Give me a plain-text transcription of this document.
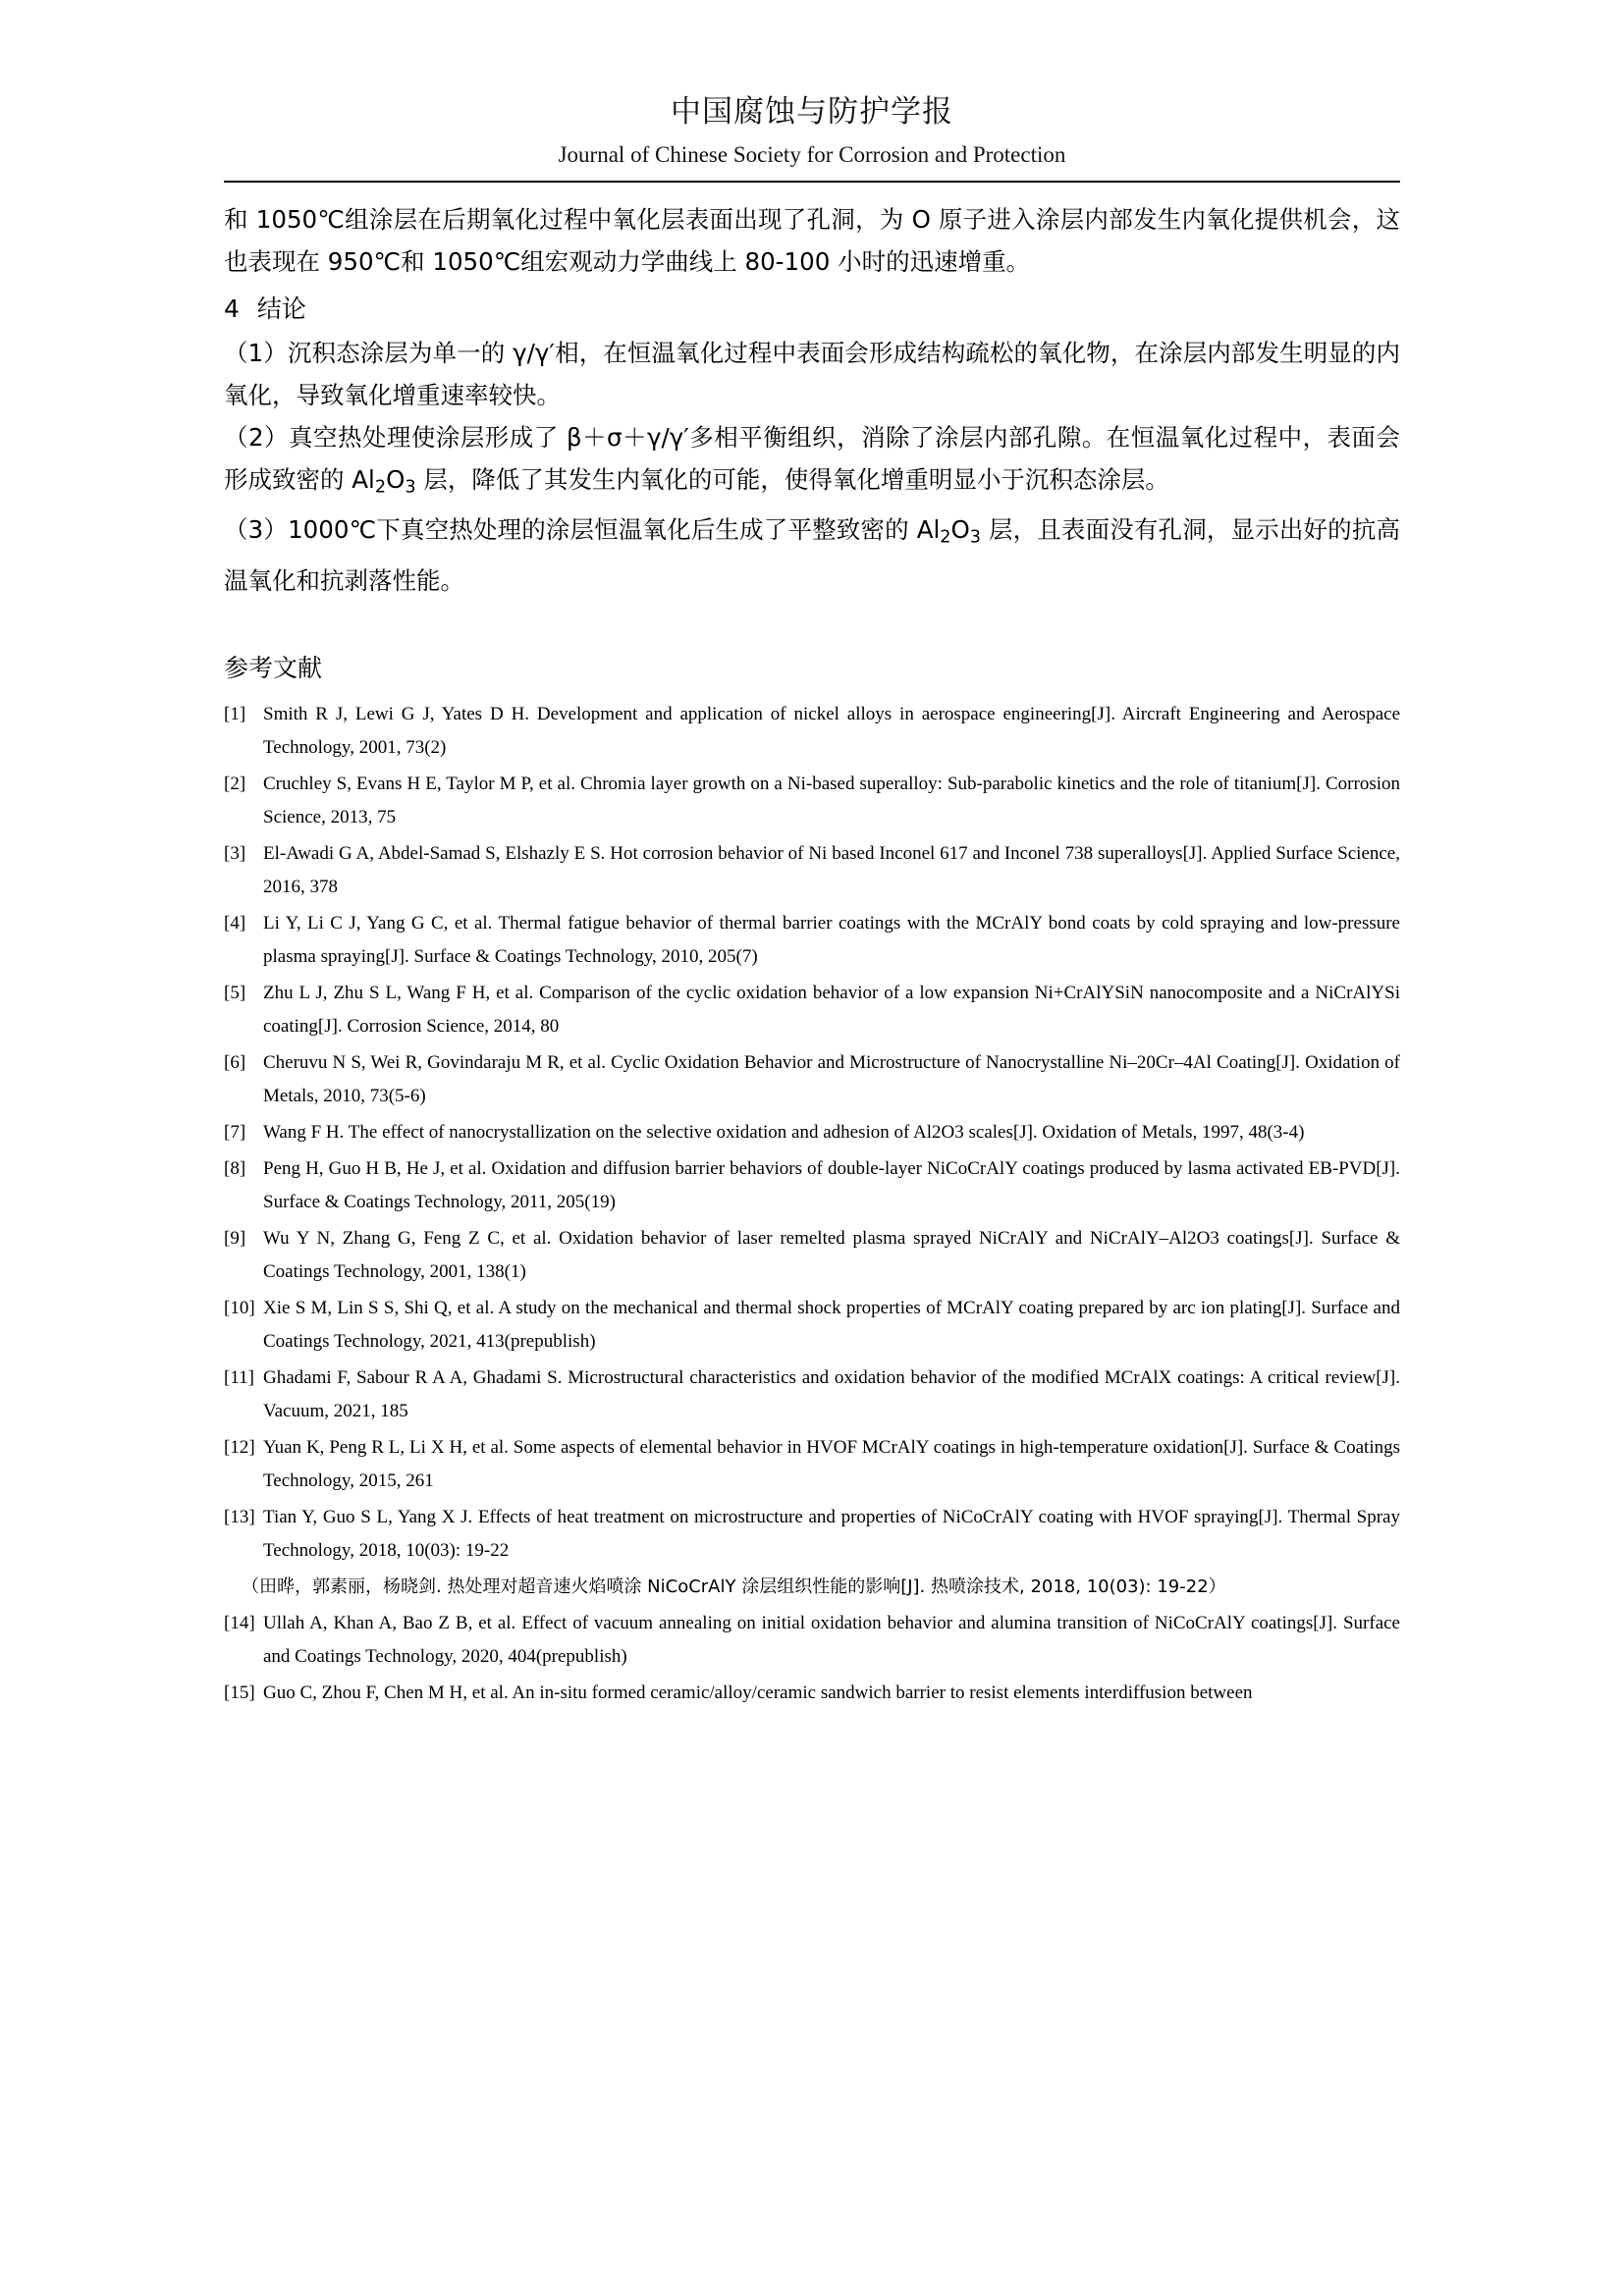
中国腐蚀与防护学报
Journal of Chinese Society for Corrosion and Protection
和 1050℃组涂层在后期氧化过程中氧化层表面出现了孔洞，为 O 原子进入涂层内部发生内氧化提供机会，这也表现在 950℃和 1050℃组宏观动力学曲线上 80-100 小时的迅速增重。
4 结论
（1）沉积态涂层为单一的 γ/γ′相，在恒温氧化过程中表面会形成结构疏松的氧化物，在涂层内部发生明显的内氧化，导致氧化增重速率较快。
（2）真空热处理使涂层形成了 β＋σ＋γ/γ′多相平衡组织，消除了涂层内部孔隙。在恒温氧化过程中，表面会形成致密的 $Al_2O_3$ 层，降低了其发生内氧化的可能，使得氧化增重明显小于沉积态涂层。
（3）1000℃下真空热处理的涂层恒温氧化后生成了平整致密的 $Al_2O_3$ 层，且表面没有孔洞，显示出好的抗高温氧化和抗剥落性能。
参考文献
[1] Smith R J, Lewi G J, Yates D H. Development and application of nickel alloys in aerospace engineering[J]. Aircraft Engineering and Aerospace Technology, 2001, 73(2)
[2] Cruchley S, Evans H E, Taylor M P, et al. Chromia layer growth on a Ni-based superalloy: Sub-parabolic kinetics and the role of titanium[J]. Corrosion Science, 2013, 75
[3] El-Awadi G A, Abdel-Samad S, Elshazly E S. Hot corrosion behavior of Ni based Inconel 617 and Inconel 738 superalloys[J]. Applied Surface Science, 2016, 378
[4] Li Y, Li C J, Yang G C, et al. Thermal fatigue behavior of thermal barrier coatings with the MCrAlY bond coats by cold spraying and low-pressure plasma spraying[J]. Surface & Coatings Technology, 2010, 205(7)
[5] Zhu L J, Zhu S L, Wang F H, et al. Comparison of the cyclic oxidation behavior of a low expansion Ni+CrAlYSiN nanocomposite and a NiCrAlYSi coating[J]. Corrosion Science, 2014, 80
[6] Cheruvu N S, Wei R, Govindaraju M R, et al. Cyclic Oxidation Behavior and Microstructure of Nanocrystalline Ni–20Cr–4Al Coating[J]. Oxidation of Metals, 2010, 73(5-6)
[7] Wang F H. The effect of nanocrystallization on the selective oxidation and adhesion of Al2O3 scales[J]. Oxidation of Metals, 1997, 48(3-4)
[8] Peng H, Guo H B, He J, et al. Oxidation and diffusion barrier behaviors of double-layer NiCoCrAlY coatings produced by lasma activated EB-PVD[J]. Surface & Coatings Technology, 2011, 205(19)
[9] Wu Y N, Zhang G, Feng Z C, et al. Oxidation behavior of laser remelted plasma sprayed NiCrAlY and NiCrAlY–Al2O3 coatings[J]. Surface & Coatings Technology, 2001, 138(1)
[10] Xie S M, Lin S S, Shi Q, et al. A study on the mechanical and thermal shock properties of MCrAlY coating prepared by arc ion plating[J]. Surface and Coatings Technology, 2021, 413(prepublish)
[11] Ghadami F, Sabour R A A, Ghadami S. Microstructural characteristics and oxidation behavior of the modified MCrAlX coatings: A critical review[J]. Vacuum, 2021, 185
[12] Yuan K, Peng R L, Li X H, et al. Some aspects of elemental behavior in HVOF MCrAlY coatings in high-temperature oxidation[J]. Surface & Coatings Technology, 2015, 261
[13] Tian Y, Guo S L, Yang X J. Effects of heat treatment on microstructure and properties of NiCoCrAlY coating with HVOF spraying[J]. Thermal Spray Technology, 2018, 10(03): 19-22
（田晔，郭素丽，杨晓剑. 热处理对超音速火焰喷涂 NiCoCrAlY 涂层组织性能的影响[J]. 热喷涂技术, 2018, 10(03): 19-22）
[14] Ullah A, Khan A, Bao Z B, et al. Effect of vacuum annealing on initial oxidation behavior and alumina transition of NiCoCrAlY coatings[J]. Surface and Coatings Technology, 2020, 404(prepublish)
[15] Guo C, Zhou F, Chen M H, et al. An in-situ formed ceramic/alloy/ceramic sandwich barrier to resist elements interdiffusion between
